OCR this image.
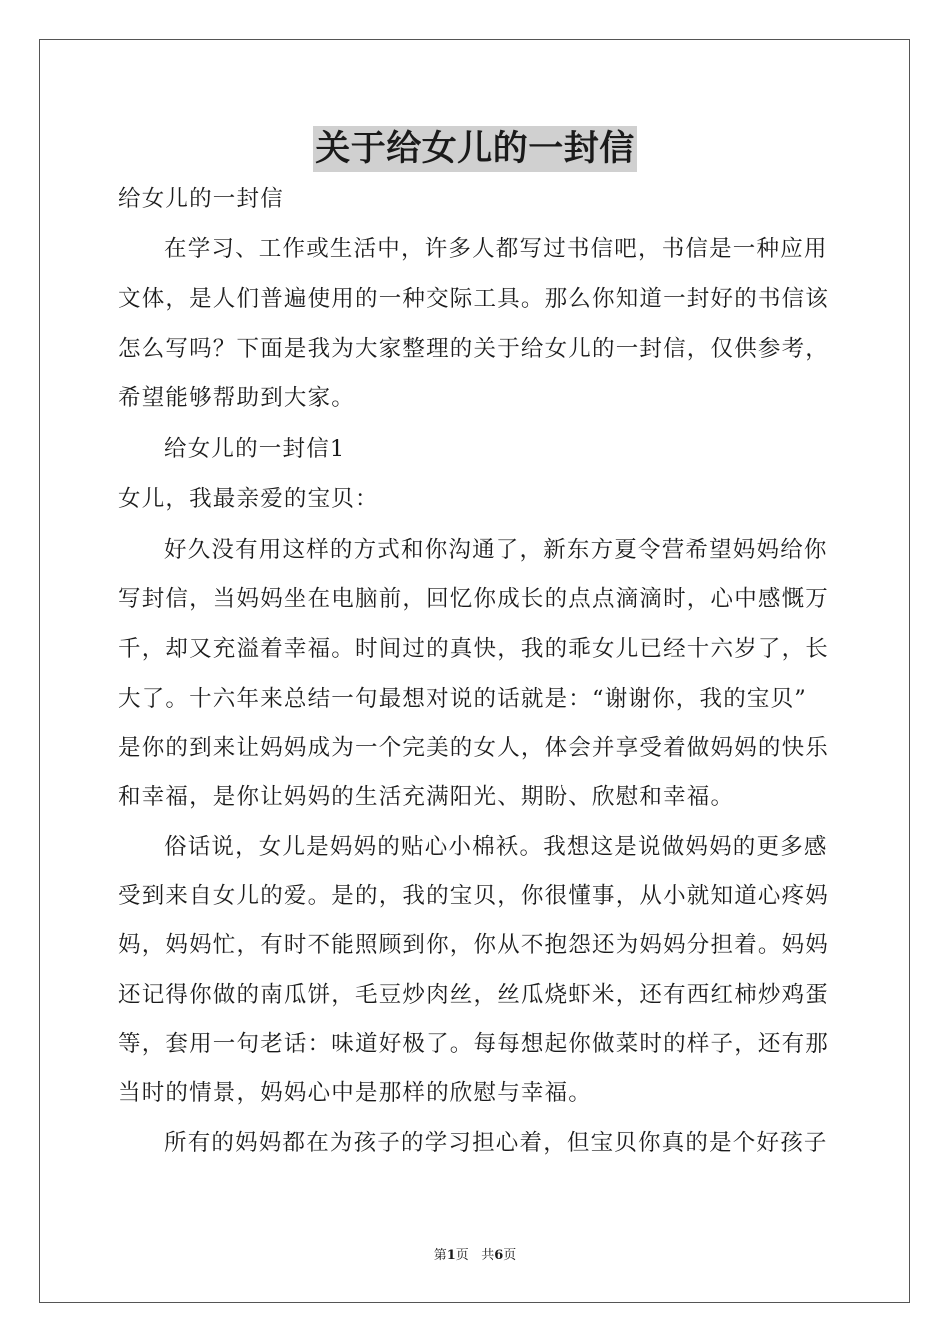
关于给女儿的一封信
给女儿的一封信
在学习、工作或生活中，许多人都写过书信吧，书信是一种应用
文体，是人们普遍使用的一种交际工具。那么你知道一封好的书信该
怎么写吗？下面是我为大家整理的关于给女儿的一封信，仅供参考，
希望能够帮助到大家。
给女儿的一封信1
女儿，我最亲爱的宝贝：
好久没有用这样的方式和你沟通了，新东方夏令营希望妈妈给你
写封信，当妈妈坐在电脑前，回忆你成长的点点滴滴时，心中感慨万
千，却又充溢着幸福。时间过的真快，我的乖女儿已经十六岁了，长
大了。十六年来总结一句最想对说的话就是：“谢谢你，我的宝贝”
是你的到来让妈妈成为一个完美的女人，体会并享受着做妈妈的快乐
和幸福，是你让妈妈的生活充满阳光、期盼、欣慰和幸福。
俗话说，女儿是妈妈的贴心小棉袄。我想这是说做妈妈的更多感
受到来自女儿的爱。是的，我的宝贝，你很懂事，从小就知道心疼妈
妈，妈妈忙，有时不能照顾到你，你从不抱怨还为妈妈分担着。妈妈
还记得你做的南瓜饼，毛豆炒肉丝，丝瓜烧虾米，还有西红柿炒鸡蛋
等，套用一句老话：味道好极了。每每想起你做菜时的样子，还有那
当时的情景，妈妈心中是那样的欣慰与幸福。
所有的妈妈都在为孩子的学习担心着，但宝贝你真的是个好孩子
第1页 共6页
